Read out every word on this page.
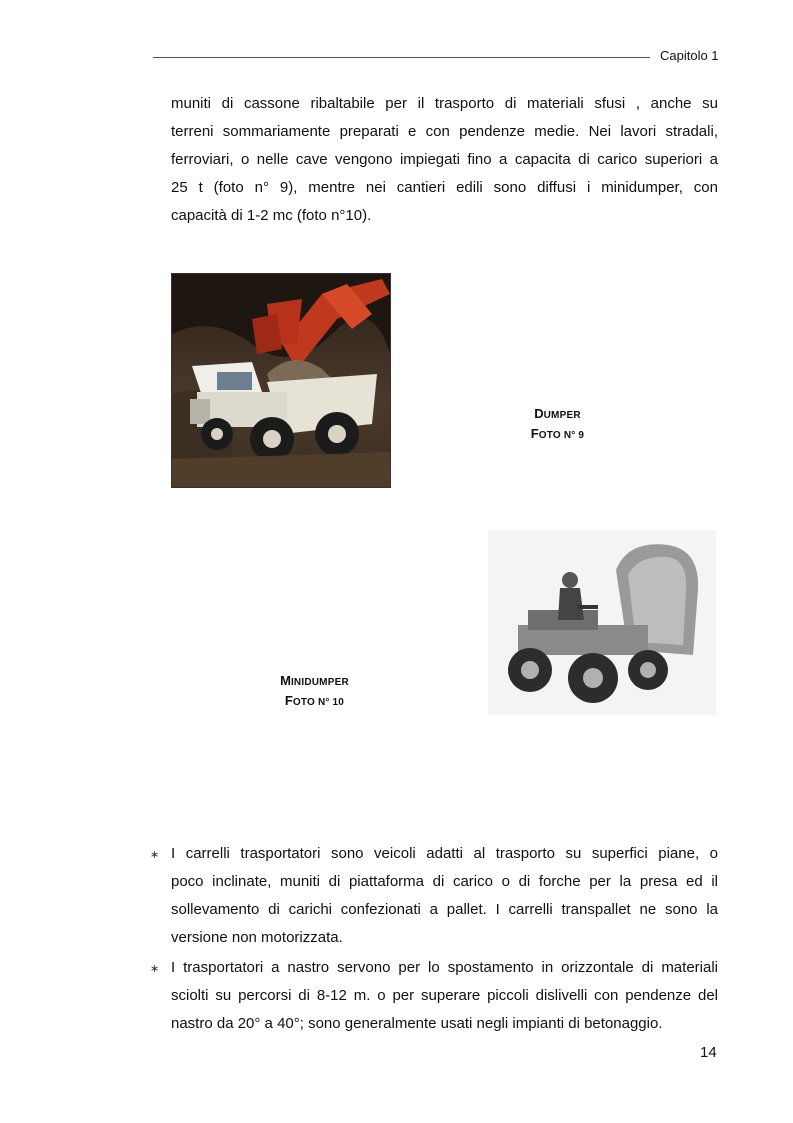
Capitolo 1

muniti di cassone ribaltabile per il trasporto di materiali sfusi , anche su
terreni sommariamente preparati e con pendenze medie. Nei lavori stradali,
ferroviari, o nelle cave vengono impiegati fino a capacita di carico superiori a
25 t (foto n° 9), mentre nei cantieri edili sono diffusi i minidumper, con
capacità di 1-2 mc (foto n°10).

DUMPER
FOTO N° 9
MINIDUMPER
FOTO N° 10
∗ I carrelli trasportatori sono veicoli adatti al trasporto su superfici piane, o
poco inclinate, muniti di piattaforma di carico o di forche per la presa ed il
sollevamento di carichi confezionati a pallet. I carrelli transpallet ne sono la
versione non motorizzata.

∗ I trasportatori a nastro servono per lo spostamento in orizzontale di materiali
sciolti su percorsi di 8-12 m. o per superare piccoli dislivelli con pendenze del
nastro da 20° a 40°; sono generalmente usati negli impianti di betonaggio.

14
